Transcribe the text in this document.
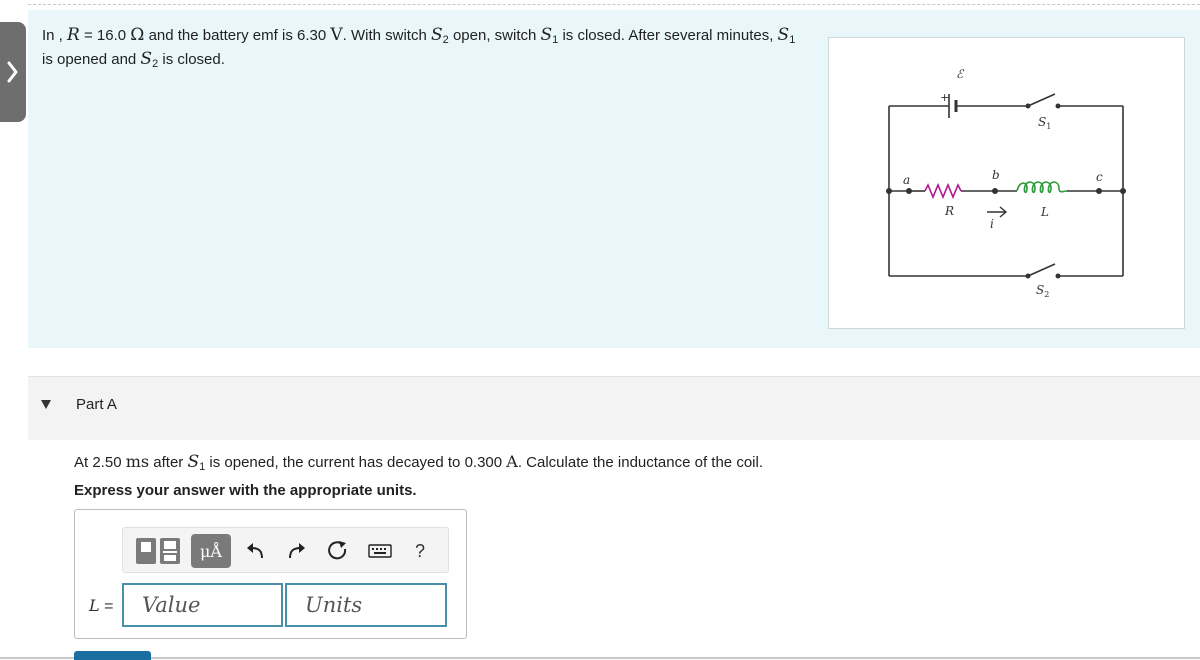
In , R = 16.0 Ω and the battery emf is 6.30 V. With switch $S_2$ open, switch $S_1$ is closed. After several minutes, $S_1$
is opened and $S_2$ is closed.
ℰ
+
$S_1$
a	b	c
R	L
i
$S_2$
Part A
At 2.50 ms after $S_1$ is opened, the current has decayed to 0.300 A. Calculate the inductance of the coil.
Express your answer with the appropriate units.
μÅ	?
L =
Value
Units
